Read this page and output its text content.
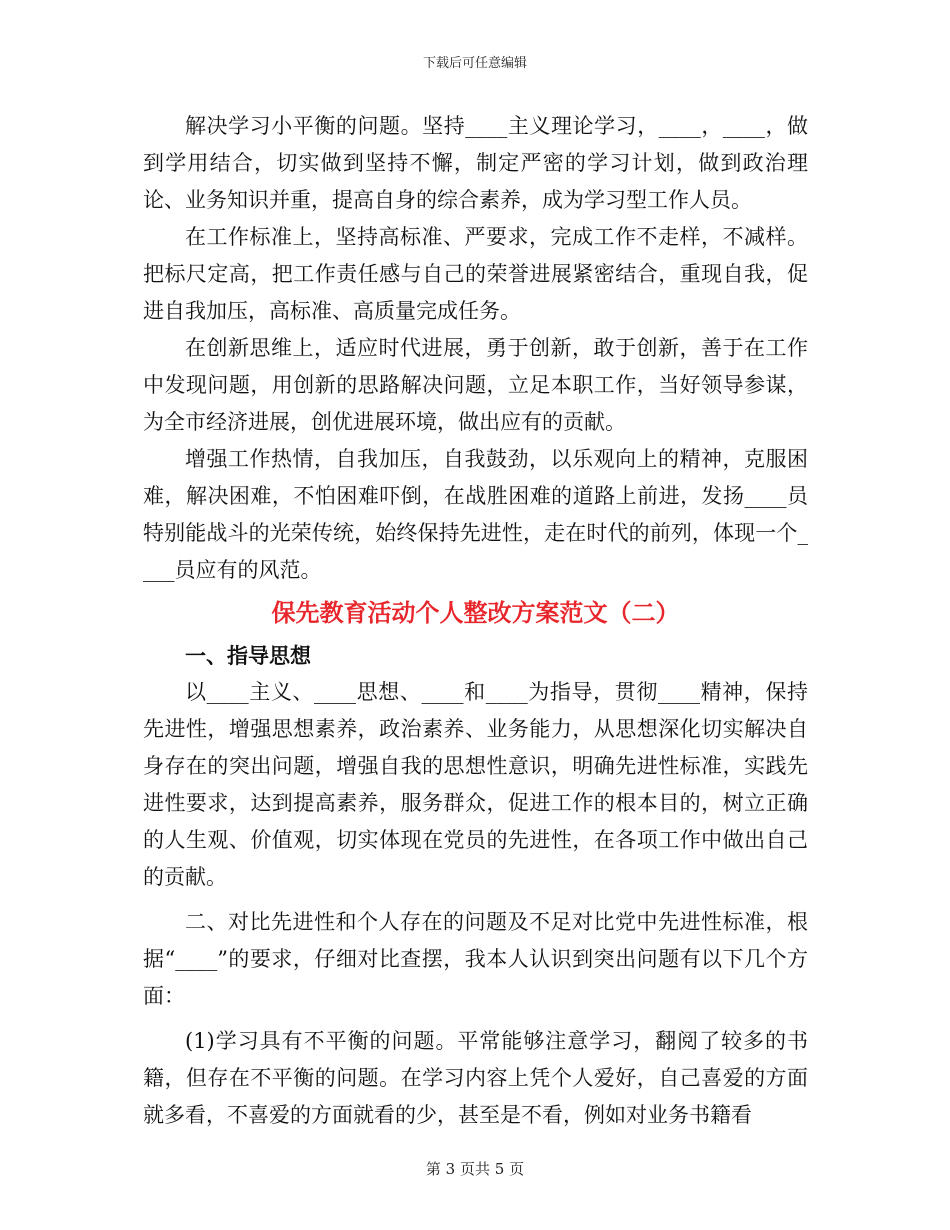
下载后可任意编辑

解决学习小平衡的问题。坚持____主义理论学习，____，____，做到学用结合，切实做到坚持不懈，制定严密的学习计划，做到政治理论、业务知识并重，提高自身的综合素养，成为学习型工作人员。

在工作标准上，坚持高标准、严要求，完成工作不走样，不减样。把标尺定高，把工作责任感与自己的荣誉进展紧密结合，重现自我，促进自我加压，高标准、高质量完成任务。

在创新思维上，适应时代进展，勇于创新，敢于创新，善于在工作中发现问题，用创新的思路解决问题，立足本职工作，当好领导参谋，为全市经济进展，创优进展环境，做出应有的贡献。

增强工作热情，自我加压，自我鼓劲，以乐观向上的精神，克服困难，解决困难，不怕困难吓倒，在战胜困难的道路上前进，发扬____员特别能战斗的光荣传统，始终保持先进性，走在时代的前列，体现一个____员应有的风范。

保先教育活动个人整改方案范文（二）

一、指导思想

以____主义、____思想、____和____为指导，贯彻____精神，保持先进性，增强思想素养，政治素养、业务能力，从思想深化切实解决自身存在的突出问题，增强自我的思想性意识，明确先进性标准，实践先进性要求，达到提高素养，服务群众，促进工作的根本目的，树立正确的人生观、价值观，切实体现在党员的先进性，在各项工作中做出自己的贡献。

二、对比先进性和个人存在的问题及不足对比党中先进性标准，根据“____”的要求，仔细对比查摆，我本人认识到突出问题有以下几个方面：

(1)学习具有不平衡的问题。平常能够注意学习，翻阅了较多的书籍，但存在不平衡的问题。在学习内容上凭个人爱好，自己喜爱的方面就多看，不喜爱的方面就看的少，甚至是不看，例如对业务书籍看

第 3 页共 5 页
